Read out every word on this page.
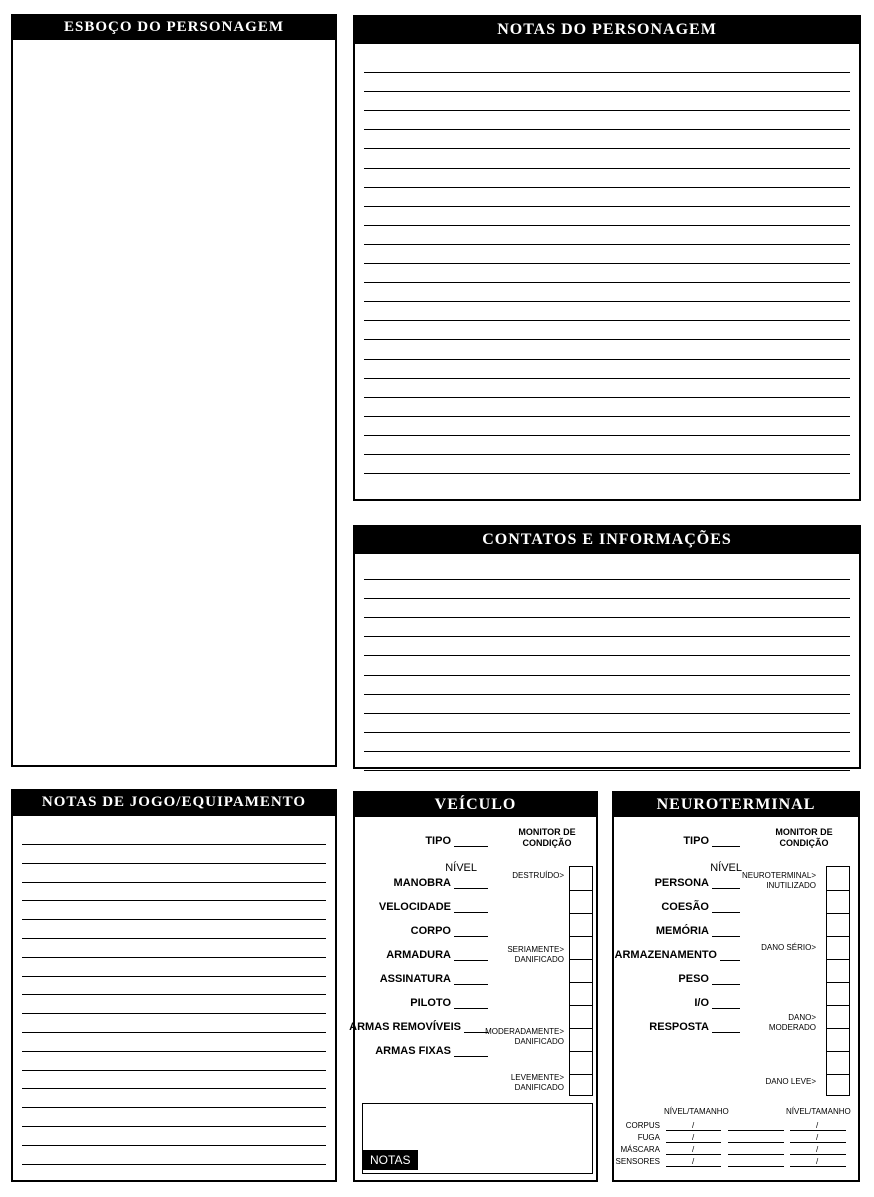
ESBOÇO DO PERSONAGEM	NOTAS DO PERSONAGEM
CONTATOS E INFORMAÇÕES
NOTAS DE JOGO/EQUIPAMENTO	VEÍCULO
MONITOR DE
CONDIÇÃO
NÍVEL
NOTAS
TIPO
MANOBRA
VELOCIDADE
CORPO
ARMADURA
ASSINATURA
PILOTO
ARMAS REMOVÍVEIS
ARMAS FIXAS
DESTRUÍDO>
SERIAMENTE>
DANIFICADO
MODERADAMENTE>
DANIFICADO
LEVEMENTE>
DANIFICADO
NEUROTERMINAL
MONITOR DE
CONDIÇÃO
NÍVEL
NÍVEL/TAMANHO	NÍVEL/TAMANHO
TIPO
PERSONA
COESÃO
MEMÓRIA
ARMAZENAMENTO
PESO
I/O
RESPOSTA
NEUROTERMINAL>
INUTILIZADO
DANO SÉRIO>
DANO>
MODERADO
DANO LEVE>
CORPUS	/	/
FUGA	/	/
MÁSCARA	/	/
SENSORES	/	/
